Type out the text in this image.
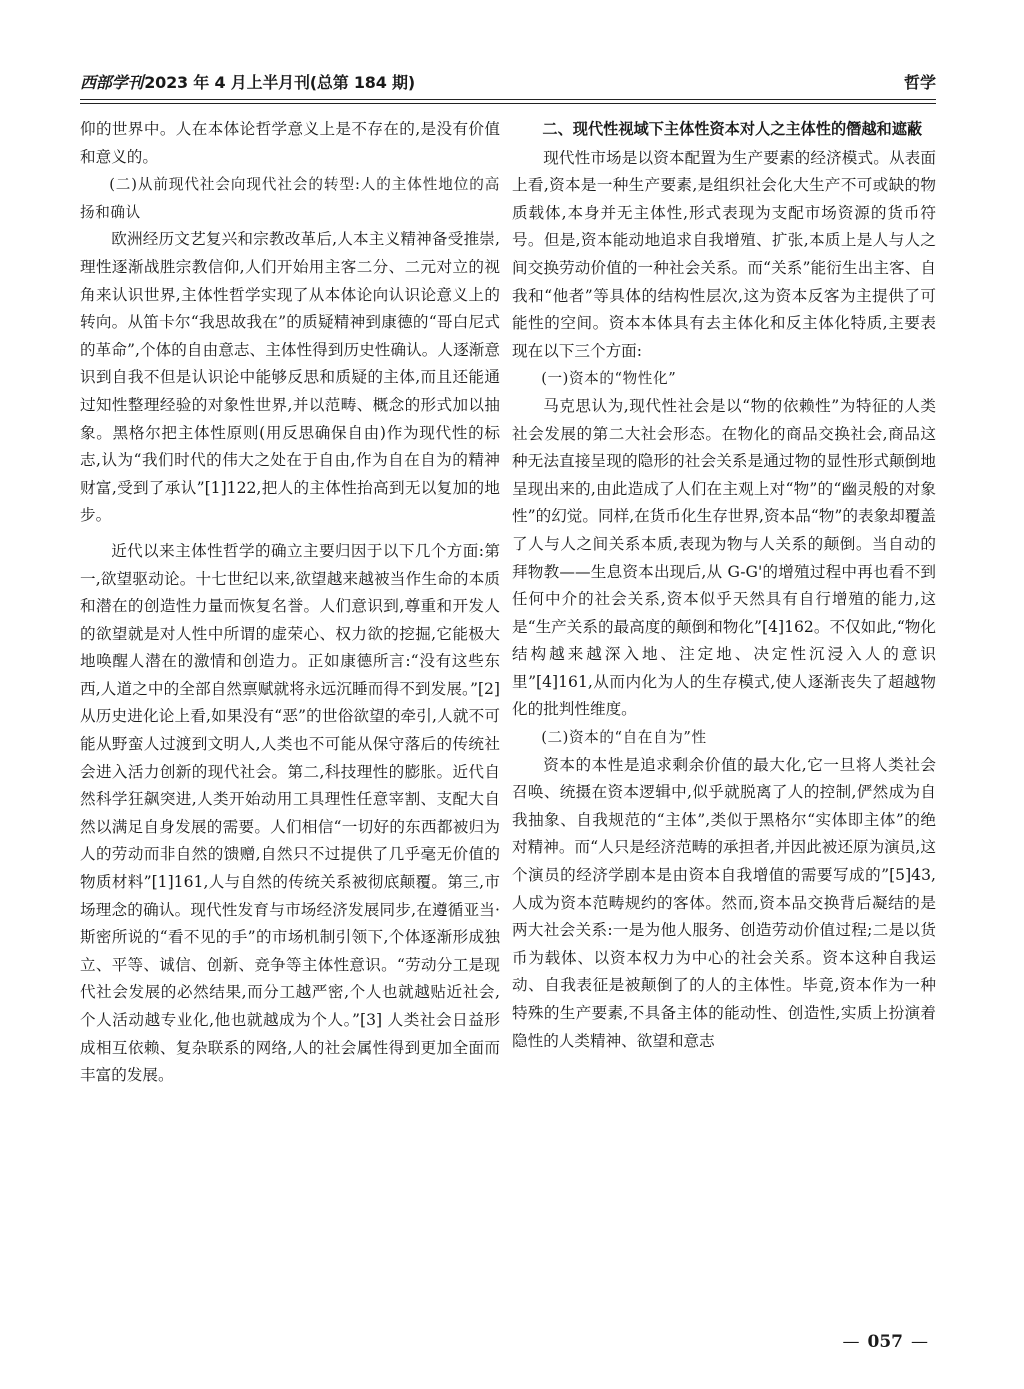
西部学刊2023 年 4 月上半月刊(总第 184 期)	哲学

仰的世界中。人在本体论哲学意义上是不存在的,是没有价值和意义的。

(二)从前现代社会向现代社会的转型:人的主体性地位的高扬和确认

欧洲经历文艺复兴和宗教改革后,人本主义精神备受推崇,理性逐渐战胜宗教信仰,人们开始用主客二分、二元对立的视角来认识世界,主体性哲学实现了从本体论向认识论意义上的转向。从笛卡尔“我思故我在”的质疑精神到康德的“哥白尼式的革命”,个体的自由意志、主体性得到历史性确认。人逐渐意识到自我不但是认识论中能够反思和质疑的主体,而且还能通过知性整理经验的对象性世界,并以范畴、概念的形式加以抽象。黑格尔把主体性原则(用反思确保自由)作为现代性的标志,认为“我们时代的伟大之处在于自由,作为自在自为的精神财富,受到了承认”[1]122,把人的主体性抬高到无以复加的地步。

近代以来主体性哲学的确立主要归因于以下几个方面:第一,欲望驱动论。十七世纪以来,欲望越来越被当作生命的本质和潜在的创造性力量而恢复名誉。人们意识到,尊重和开发人的欲望就是对人性中所谓的虚荣心、权力欲的挖掘,它能极大地唤醒人潜在的激情和创造力。正如康德所言:“没有这些东西,人道之中的全部自然禀赋就将永远沉睡而得不到发展。”[2] 从历史进化论上看,如果没有“恶”的世俗欲望的牵引,人就不可能从野蛮人过渡到文明人,人类也不可能从保守落后的传统社会进入活力创新的现代社会。第二,科技理性的膨胀。近代自然科学狂飙突进,人类开始动用工具理性任意宰割、支配大自然以满足自身发展的需要。人们相信“一切好的东西都被归为人的劳动而非自然的馈赠,自然只不过提供了几乎毫无价值的物质材料”[1]161,人与自然的传统关系被彻底颠覆。第三,市场理念的确认。现代性发育与市场经济发展同步,在遵循亚当·斯密所说的“看不见的手”的市场机制引领下,个体逐渐形成独立、平等、诚信、创新、竞争等主体性意识。“劳动分工是现代社会发展的必然结果,而分工越严密,个人也就越贴近社会,个人活动越专业化,他也就越成为个人。”[3] 人类社会日益形成相互依赖、复杂联系的网络,人的社会属性得到更加全面而丰富的发展。

二、现代性视域下主体性资本对人之主体性的僭越和遮蔽

现代性市场是以资本配置为生产要素的经济模式。从表面上看,资本是一种生产要素,是组织社会化大生产不可或缺的物质载体,本身并无主体性,形式表现为支配市场资源的货币符号。但是,资本能动地追求自我增殖、扩张,本质上是人与人之间交换劳动价值的一种社会关系。而“关系”能衍生出主客、自我和“他者”等具体的结构性层次,这为资本反客为主提供了可能性的空间。资本本体具有去主体化和反主体化特质,主要表现在以下三个方面:

(一)资本的“物性化”

马克思认为,现代性社会是以“物的依赖性”为特征的人类社会发展的第二大社会形态。在物化的商品交换社会,商品这种无法直接呈现的隐形的社会关系是通过物的显性形式颠倒地呈现出来的,由此造成了人们在主观上对“物”的“幽灵般的对象性”的幻觉。同样,在货币化生存世界,资本品“物”的表象却覆盖了人与人之间关系本质,表现为物与人关系的颠倒。当自动的拜物教——生息资本出现后,从 G-G'的增殖过程中再也看不到任何中介的社会关系,资本似乎天然具有自行增殖的能力,这是“生产关系的最高度的颠倒和物化”[4]162。不仅如此,“物化结构越来越深入地、注定地、决定性沉浸入人的意识里”[4]161,从而内化为人的生存模式,使人逐渐丧失了超越物化的批判性维度。

(二)资本的“自在自为”性

资本的本性是追求剩余价值的最大化,它一旦将人类社会召唤、统摄在资本逻辑中,似乎就脱离了人的控制,俨然成为自我抽象、自我规范的“主体”,类似于黑格尔“实体即主体”的绝对精神。而“人只是经济范畴的承担者,并因此被还原为演员,这个演员的经济学剧本是由资本自我增值的需要写成的”[5]43,人成为资本范畴规约的客体。然而,资本品交换背后凝结的是两大社会关系:一是为他人服务、创造劳动价值过程;二是以货币为载体、以资本权力为中心的社会关系。资本这种自我运动、自我表征是被颠倒了的人的主体性。毕竟,资本作为一种特殊的生产要素,不具备主体的能动性、创造性,实质上扮演着隐性的人类精神、欲望和意志

— 057 —
